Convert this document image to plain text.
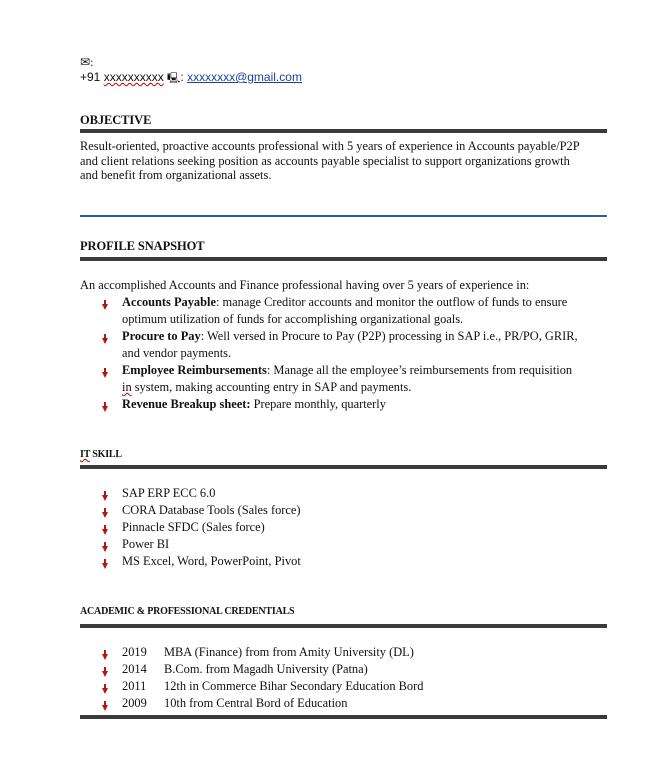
✉:
+91 xxxxxxxxxx 🖳: xxxxxxxx@gmail.com
OBJECTIVE
Result-oriented, proactive accounts professional with 5 years of experience in Accounts payable/P2P
and client relations seeking position as accounts payable specialist to support organizations growth
and benefit from organizational assets.
PROFILE SNAPSHOT
An accomplished Accounts and Finance professional having over 5 years of experience in:
Accounts Payable: manage Creditor accounts and monitor the outflow of funds to ensure
optimum utilization of funds for accomplishing organizational goals.
Procure to Pay: Well versed in Procure to Pay (P2P) processing in SAP i.e., PR/PO, GRIR,
and vendor payments.
Employee Reimbursements: Manage all the employee’s reimbursements from requisition
in system, making accounting entry in SAP and payments.
Revenue Breakup sheet: Prepare monthly, quarterly
IT SKILL
SAP ERP ECC 6.0
CORA Database Tools (Sales force)
Pinnacle SFDC (Sales force)
Power BI
MS Excel, Word, PowerPoint, Pivot
ACADEMIC & PROFESSIONAL CREDENTIALS
2019 MBA (Finance) from from Amity University (DL)
2014 B.Com. from Magadh University (Patna)
2011 12th in Commerce Bihar Secondary Education Bord
2009 10th from Central Bord of Education
